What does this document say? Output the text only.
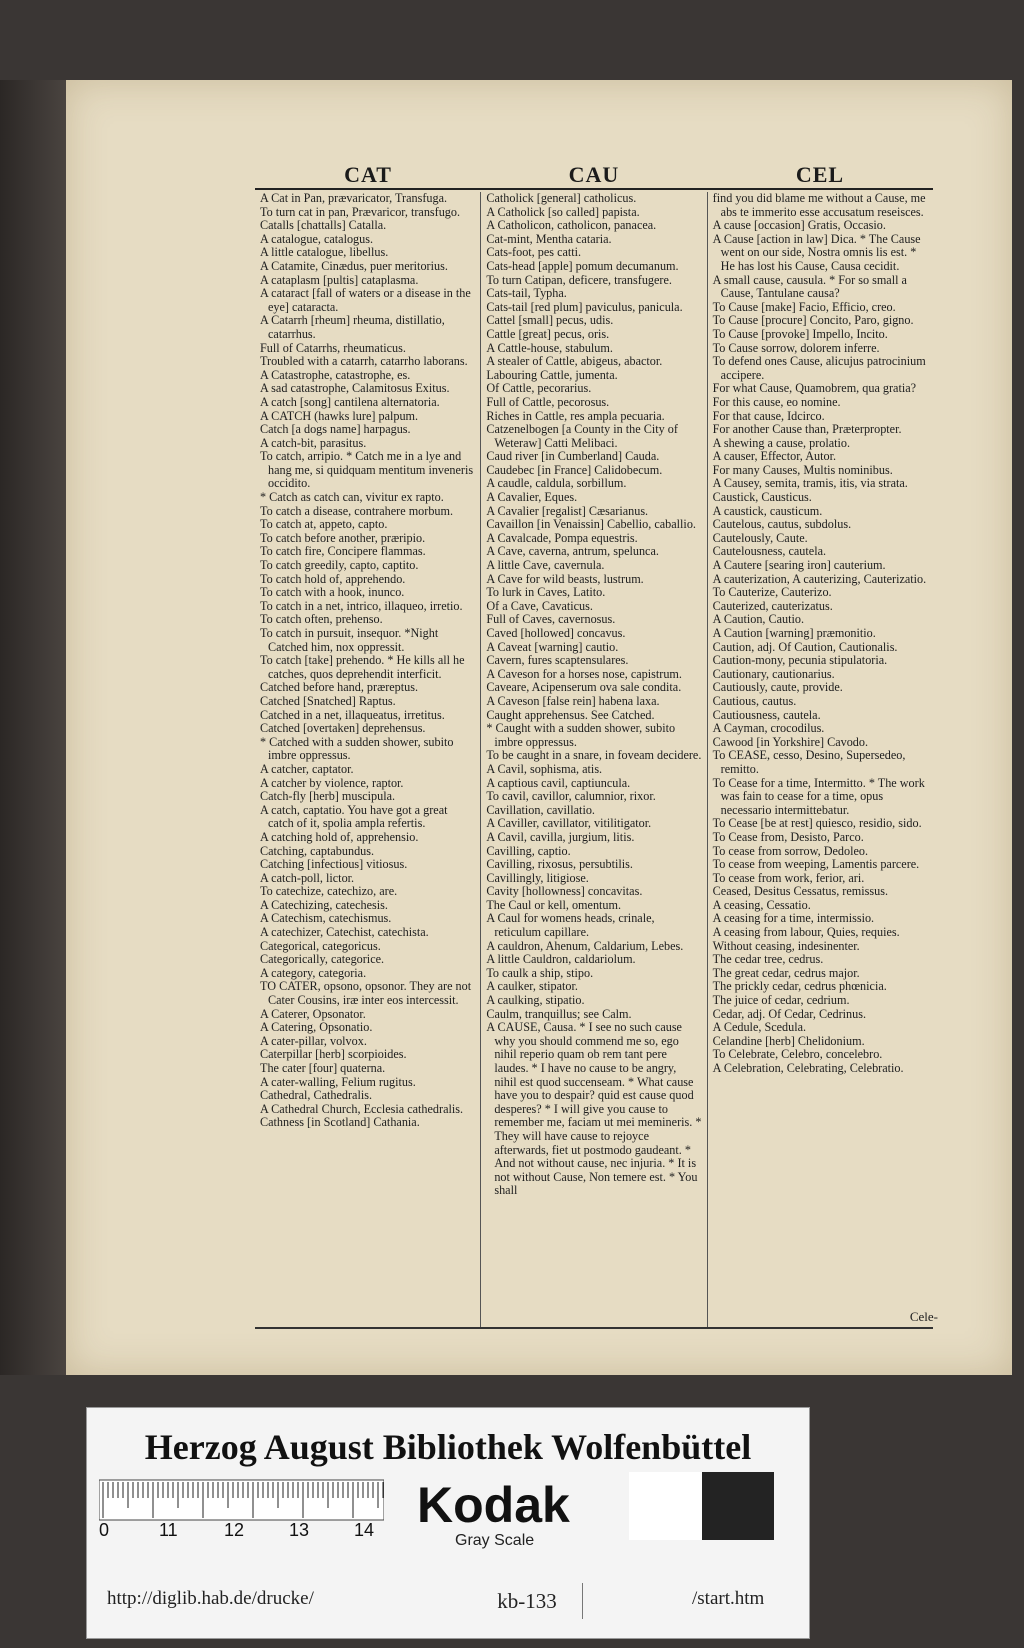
CAT	CAU	CEL

A Cat in Pan, prævaricator, Transfuga.

To turn cat in pan, Prævaricor, transfugo.

Catalls [chattalls] Catalla.

A catalogue, catalogus.

A little catalogue, libellus.

A Catamite, Cinædus, puer meritorius.

A cataplasm [pultis] cataplasma.

A cataract [fall of waters or a disease in the eye] cataracta.

A Catarrh [rheum] rheuma, distillatio, catarrhus.

Full of Catarrhs, rheumaticus.

Troubled with a catarrh, catarrho laborans.

A Catastrophe, catastrophe, es.

A sad catastrophe, Calamitosus Exitus.

A catch [song] cantilena alternatoria.

A CATCH (hawks lure] palpum.

Catch [a dogs name] harpagus.

A catch-bit, parasitus.

To catch, arripio. * Catch me in a lye and hang me, si quidquam mentitum inveneris occidito.

* Catch as catch can, vivitur ex rapto.

To catch a disease, contrahere morbum.

To catch at, appeto, capto.

To catch before another, præripio.

To catch fire, Concipere flammas.

To catch greedily, capto, captito.

To catch hold of, apprehendo.

To catch with a hook, inunco.

To catch in a net, intrico, illaqueo, irretio.

To catch often, prehenso.

To catch in pursuit, insequor. *Night Catched him, nox oppressit.

To catch [take] prehendo. * He kills all he catches, quos deprehendit interficit.

Catched before hand, præreptus.

Catched [Snatched] Raptus.

Catched in a net, illaqueatus, irretitus.

Catched [overtaken] deprehensus.

* Catched with a sudden shower, subito imbre oppressus.

A catcher, captator.

A catcher by violence, raptor.

Catch-fly [herb] muscipula.

A catch, captatio. You have got a great catch of it, spolia ampla refertis.

A catching hold of, apprehensio.

Catching, captabundus.

Catching [infectious] vitiosus.

A catch-poll, lictor.

To catechize, catechizo, are.

A Catechizing, catechesis.

A Catechism, catechismus.

A catechizer, Catechist, catechista.

Categorical, categoricus.

Categorically, categorice.

A category, categoria.

TO CATER, opsono, opsonor. They are not Cater Cousins, iræ inter eos intercessit.

A Caterer, Opsonator.

A Catering, Opsonatio.

A cater-pillar, volvox.

Caterpillar [herb] scorpioides.

The cater [four] quaterna.

A cater-walling, Felium rugitus.

Cathedral, Cathedralis.

A Cathedral Church, Ecclesia cathedralis.

Cathness [in Scotland] Cathania.

Catholick [general] catholicus.

A Catholick [so called] papista.

A Catholicon, catholicon, panacea.

Cat-mint, Mentha cataria.

Cats-foot, pes catti.

Cats-head [apple] pomum decumanum.

To turn Catipan, deficere, transfugere.

Cats-tail, Typha.

Cats-tail [red plum] paviculus, panicula.

Cattel [small] pecus, udis.

Cattle [great] pecus, oris.

A Cattle-house, stabulum.

A stealer of Cattle, abigeus, abactor.

Labouring Cattle, jumenta.

Of Cattle, pecorarius.

Full of Cattle, pecorosus.

Riches in Cattle, res ampla pecuaria.

Catzenelbogen [a County in the City of Weteraw] Catti Melibaci.

Caud river [in Cumberland] Cauda.

Caudebec [in France] Calidobecum.

A caudle, caldula, sorbillum.

A Cavalier, Eques.

A Cavalier [regalist] Cæsarianus.

Cavaillon [in Venaissin] Cabellio, caballio.

A Cavalcade, Pompa equestris.

A Cave, caverna, antrum, spelunca.

A little Cave, cavernula.

A Cave for wild beasts, lustrum.

To lurk in Caves, Latito.

Of a Cave, Cavaticus.

Full of Caves, cavernosus.

Caved [hollowed] concavus.

A Caveat [warning] cautio.

Cavern, fures scaptensulares.

A Caveson for a horses nose, capistrum.

Caveare, Acipenserum ova sale condita.

A Caveson [false rein] habena laxa.

Caught apprehensus. See Catched.

* Caught with a sudden shower, subito imbre oppressus.

To be caught in a snare, in foveam decidere.

A Cavil, sophisma, atis.

A captious cavil, captiuncula.

To cavil, cavillor, calumnior, rixor.

Cavillation, cavillatio.

A Caviller, cavillator, vitilitigator.

A Cavil, cavilla, jurgium, litis.

Cavilling, captio.

Cavilling, rixosus, persubtilis.

Cavillingly, litigiose.

Cavity [hollowness] concavitas.

The Caul or kell, omentum.

A Caul for womens heads, crinale, reticulum capillare.

A cauldron, Ahenum, Caldarium, Lebes.

A little Cauldron, caldariolum.

To caulk a ship, stipo.

A caulker, stipator.

A caulking, stipatio.

Caulm, tranquillus; see Calm.

A CAUSE, Causa. * I see no such cause why you should commend me so, ego nihil reperio quam ob rem tant pere laudes. * I have no cause to be angry, nihil est quod succenseam. * What cause have you to despair? quid est cause quod desperes? * I will give you cause to remember me, faciam ut mei memineris. * They will have cause to rejoyce afterwards, fiet ut postmodo gaudeant. * And not without cause, nec injuria. * It is not without Cause, Non temere est. * You shall

find you did blame me without a Cause, me abs te immerito esse accusatum reseisces.

A cause [occasion] Gratis, Occasio.

A Cause [action in law] Dica. * The Cause went on our side, Nostra omnis lis est. * He has lost his Cause, Causa cecidit.

A small cause, causula. * For so small a Cause, Tantulane causa?

To Cause [make] Facio, Efficio, creo.

To Cause [procure] Concito, Paro, gigno.

To Cause [provoke] Impello, Incito.

To Cause sorrow, dolorem inferre.

To defend ones Cause, alicujus patrocinium accipere.

For what Cause, Quamobrem, qua gratia?

For this cause, eo nomine.

For that cause, Idcirco.

For another Cause than, Præterpropter.

A shewing a cause, prolatio.

A causer, Effector, Autor.

For many Causes, Multis nominibus.

A Causey, semita, tramis, itis, via strata.

Caustick, Causticus.

A caustick, causticum.

Cautelous, cautus, subdolus.

Cautelously, Caute.

Cautelousness, cautela.

A Cautere [searing iron] cauterium.

A cauterization, A cauterizing, Cauterizatio.

To Cauterize, Cauterizo.

Cauterized, cauterizatus.

A Caution, Cautio.

A Caution [warning] præmonitio.

Caution, adj. Of Caution, Cautionalis.

Caution-mony, pecunia stipulatoria.

Cautionary, cautionarius.

Cautiously, caute, provide.

Cautious, cautus.

Cautiousness, cautela.

A Cayman, crocodilus.

Cawood [in Yorkshire] Cavodo.

To CEASE, cesso, Desino, Supersedeo, remitto.

To Cease for a time, Intermitto. * The work was fain to cease for a time, opus necessario intermittebatur.

To Cease [be at rest] quiesco, residio, sido.

To Cease from, Desisto, Parco.

To cease from sorrow, Dedoleo.

To cease from weeping, Lamentis parcere.

To cease from work, ferior, ari.

Ceased, Desitus Cessatus, remissus.

A ceasing, Cessatio.

A ceasing for a time, intermissio.

A ceasing from labour, Quies, requies.

Without ceasing, indesinenter.

The cedar tree, cedrus.

The great cedar, cedrus major.

The prickly cedar, cedrus phœnicia.

The juice of cedar, cedrium.

Cedar, adj. Of Cedar, Cedrinus.

A Cedule, Scedula.

Celandine [herb] Chelidonium.

To Celebrate, Celebro, concelebro.

A Celebration, Celebrating, Celebratio.

Cele-
Herzog August Bibliothek Wolfenbüttel
0	11	12 13 14 Kodak
Gray Scale
http://diglib.hab.de/drucke/	kb-133	/start.htm
